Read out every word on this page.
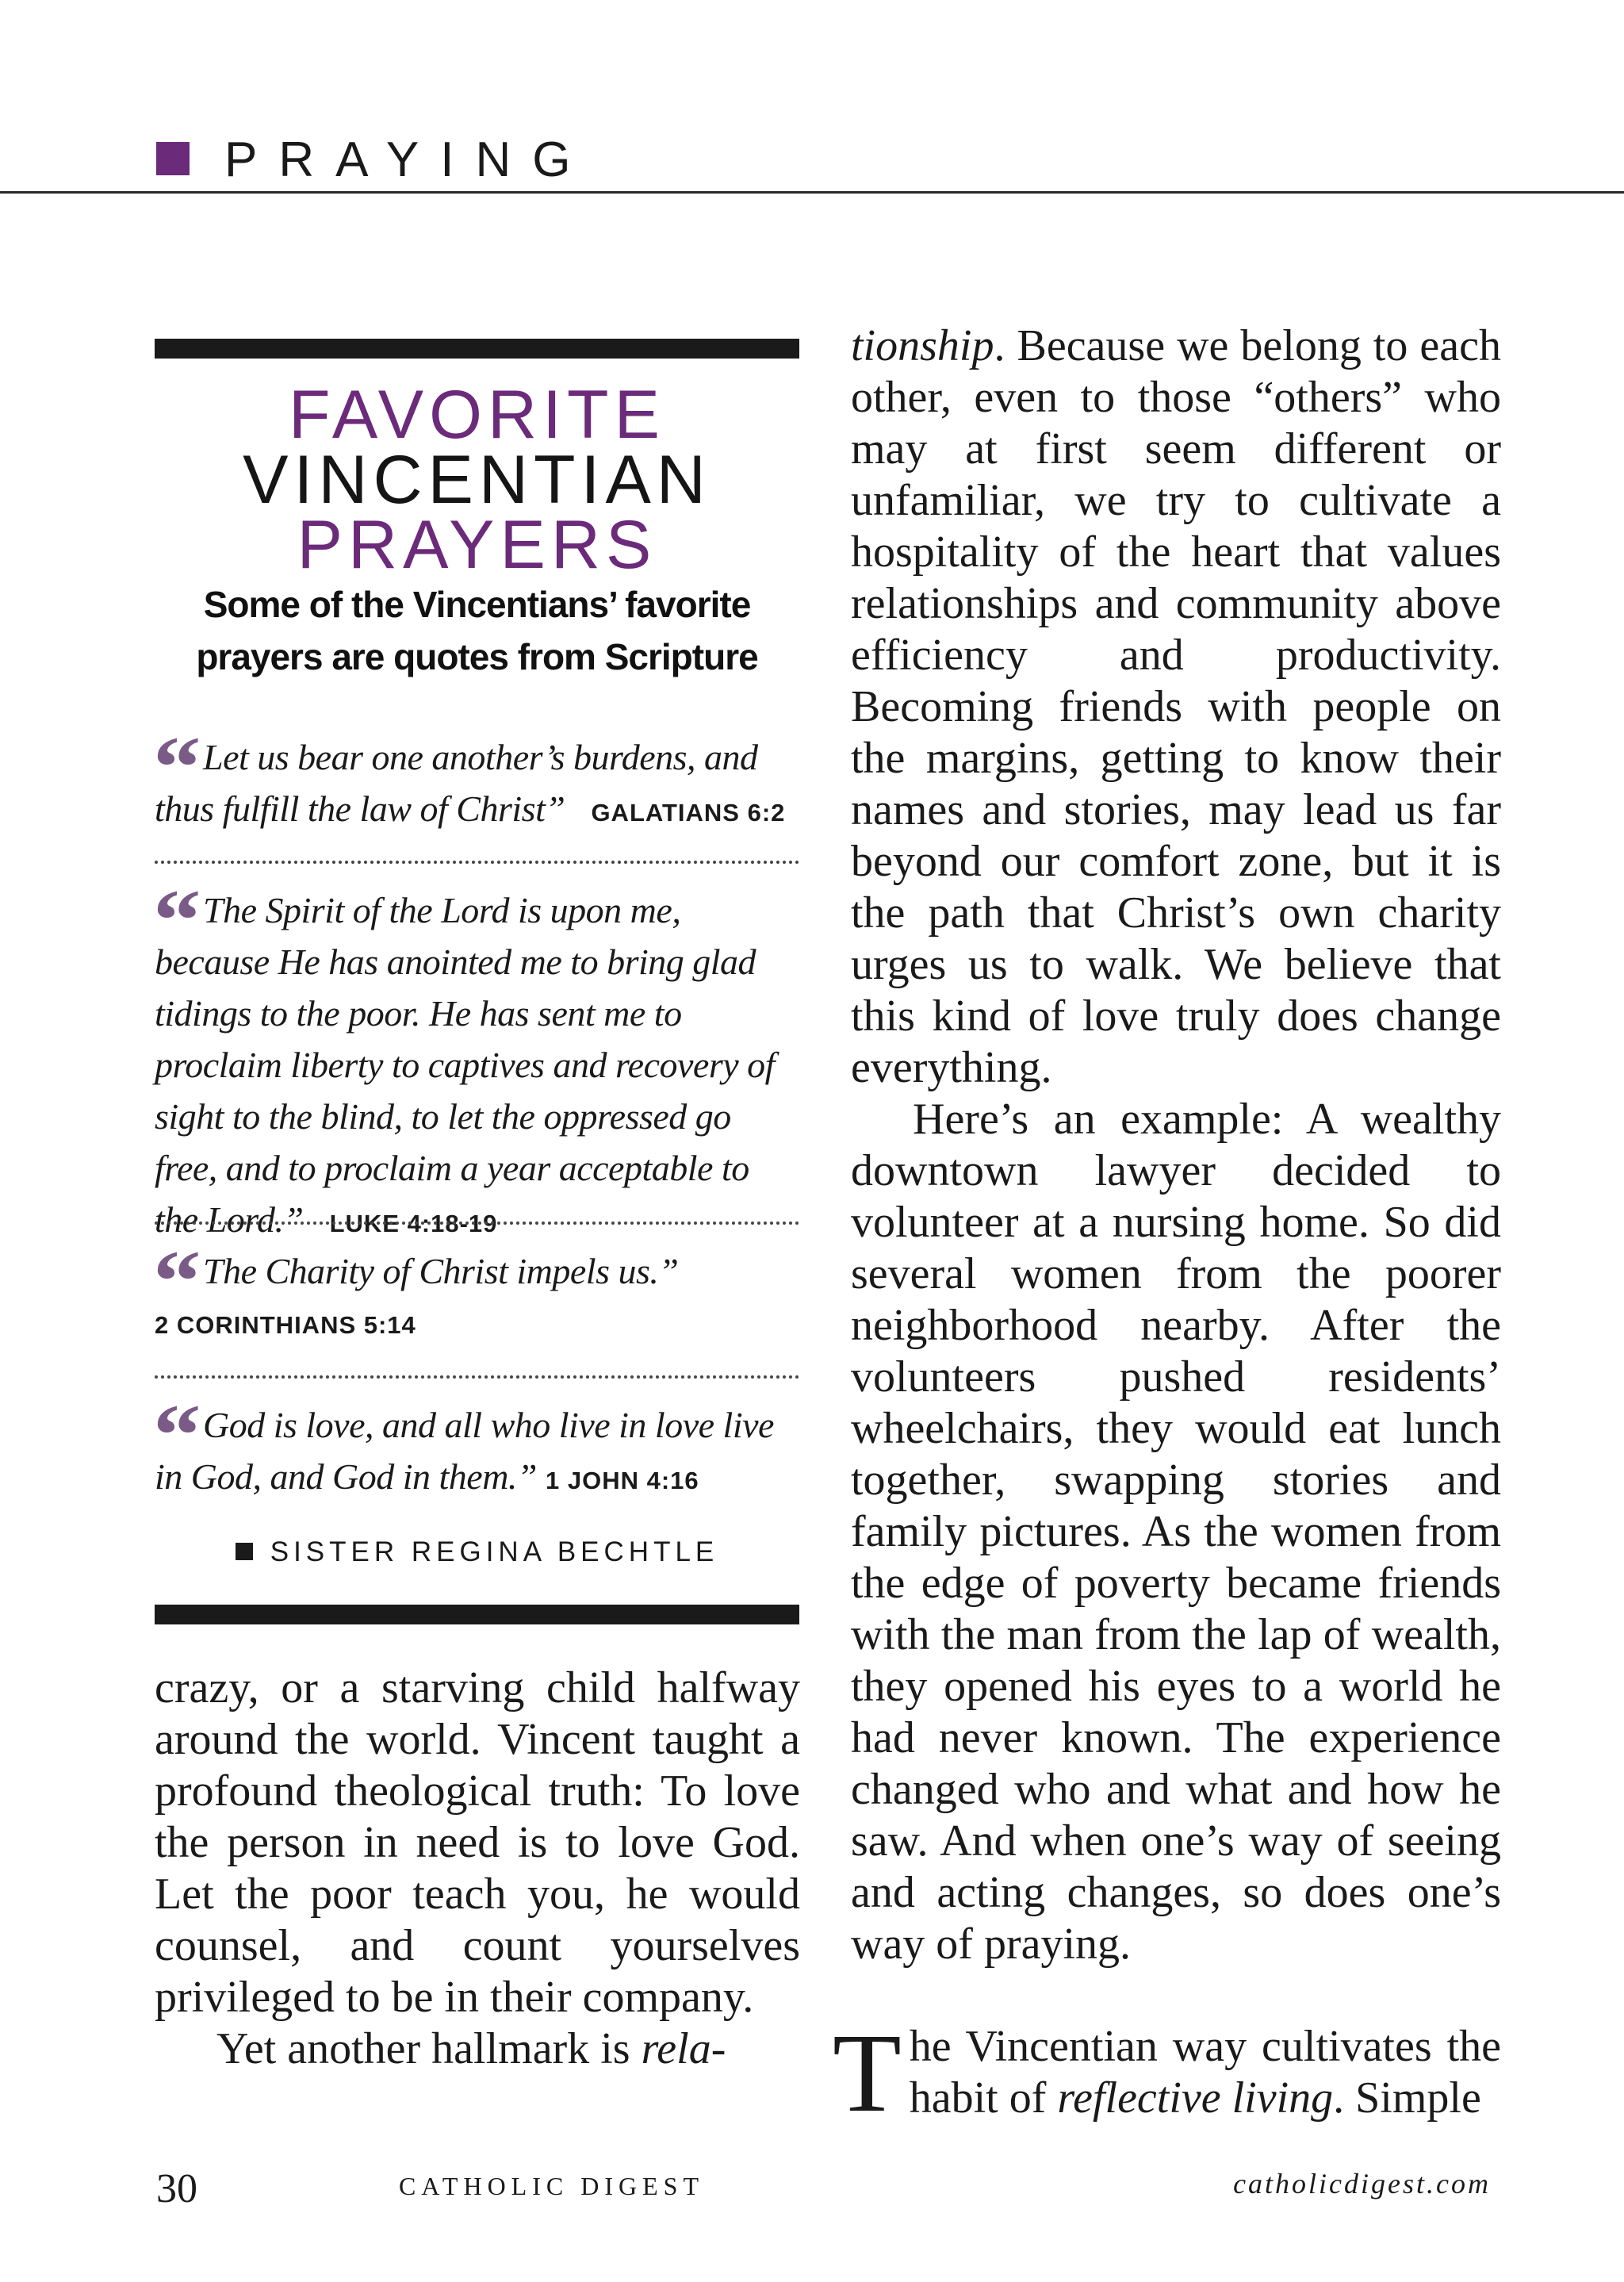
PRAYING
FAVORITE
VINCENTIAN
PRAYERS
Some of the Vincentians’ favorite
prayers are quotes from Scripture
“ Let us bear one another’s burdens, and thus fulfill the law of Christ” GALATIANS 6:2
“ The Spirit of the Lord is upon me, because He has anointed me to bring glad tidings to the poor. He has sent me to proclaim liberty to captives and recovery of sight to the blind, to let the oppressed go free, and to proclaim a year acceptable to the Lord.” LUKE 4:18-19
“ The Charity of Christ impels us.”
2 CORINTHIANS 5:14
“ God is love, and all who live in love live in God, and God in them.” 1 JOHN 4:16
SISTER REGINA BECHTLE

crazy, or a starving child halfway around the world. Vincent taught a profound theological truth: To love the person in need is to love God. Let the poor teach you, he would counsel, and count yourselves privileged to be in their company.

Yet another hallmark is rela-

tionship. Because we belong to each other, even to those “others” who may at first seem different or unfamiliar, we try to cultivate a hospitality of the heart that values relationships and community above efficiency and productivity. Becoming friends with people on the margins, getting to know their names and stories, may lead us far beyond our comfort zone, but it is the path that Christ’s own charity urges us to walk. We believe that this kind of love truly does change everything.

Here’s an example: A wealthy downtown lawyer decided to volunteer at a nursing home. So did several women from the poorer neighborhood nearby. After the volunteers pushed residents’ wheelchairs, they would eat lunch together, swapping stories and family pictures. As the women from the edge of poverty became friends with the man from the lap of wealth, they opened his eyes to a world he had never known. The experience changed who and what and how he saw. And when one’s way of seeing and acting changes, so does one’s way of praying.

The Vincentian way cultivates the habit of reflective living. Simple
30	CATHOLIC DIGEST	catholicdigest.com
